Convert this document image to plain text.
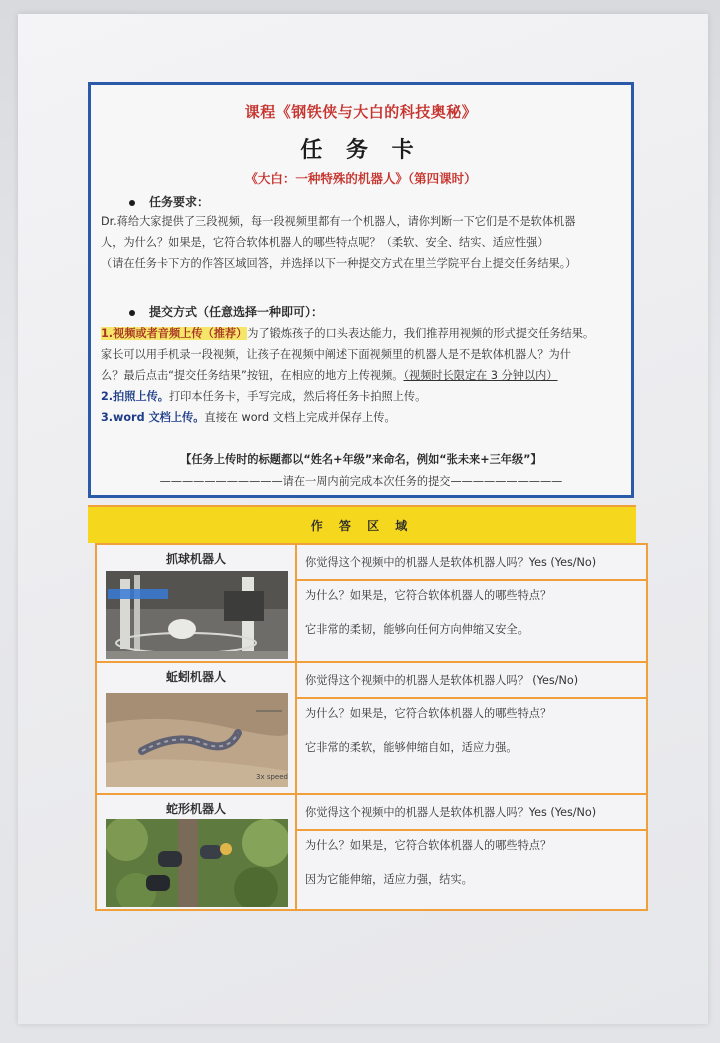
课程《钢铁侠与大白的科技奥秘》
任 务 卡
《大白：一种特殊的机器人》（第四课时）
任务要求：
Dr.蒋给大家提供了三段视频，每一段视频里都有一个机器人，请你判断一下它们是不是软体机器
人，为什么？如果是，它符合软体机器人的哪些特点呢？（柔软、安全、结实、适应性强）
（请在任务卡下方的作答区域回答，并选择以下一种提交方式在里兰学院平台上提交任务结果。）
提交方式（任意选择一种即可）：
1.视频或者音频上传（推荐）为了锻炼孩子的口头表达能力，我们推荐用视频的形式提交任务结果。
家长可以用手机录一段视频，让孩子在视频中阐述下面视频里的机器人是不是软体机器人？为什
么？最后点击“提交任务结果”按钮，在相应的地方上传视频。（视频时长限定在 3 分钟以内）
2.拍照上传。打印本任务卡，手写完成，然后将任务卡拍照上传。
3.word 文档上传。直接在 word 文档上完成并保存上传。
【任务上传时的标题都以“姓名+年级”来命名，例如“张未来+三年级”】
———————————请在一周内前完成本次任务的提交——————————
作 答 区 域
抓球机器人	你觉得这个视频中的机器人是软体机器人吗？Yes (Yes/No)
为什么？如果是，它符合软体机器人的哪些特点？
它非常的柔韧，能够向任何方向伸缩又安全。
蚯蚓机器人
3x speed
你觉得这个视频中的机器人是软体机器人吗？ (Yes/No)
为什么？如果是，它符合软体机器人的哪些特点？
它非常的柔软，能够伸缩自如，适应力强。
蛇形机器人	你觉得这个视频中的机器人是软体机器人吗？Yes (Yes/No)
为什么？如果是，它符合软体机器人的哪些特点？
因为它能伸缩，适应力强，结实。
